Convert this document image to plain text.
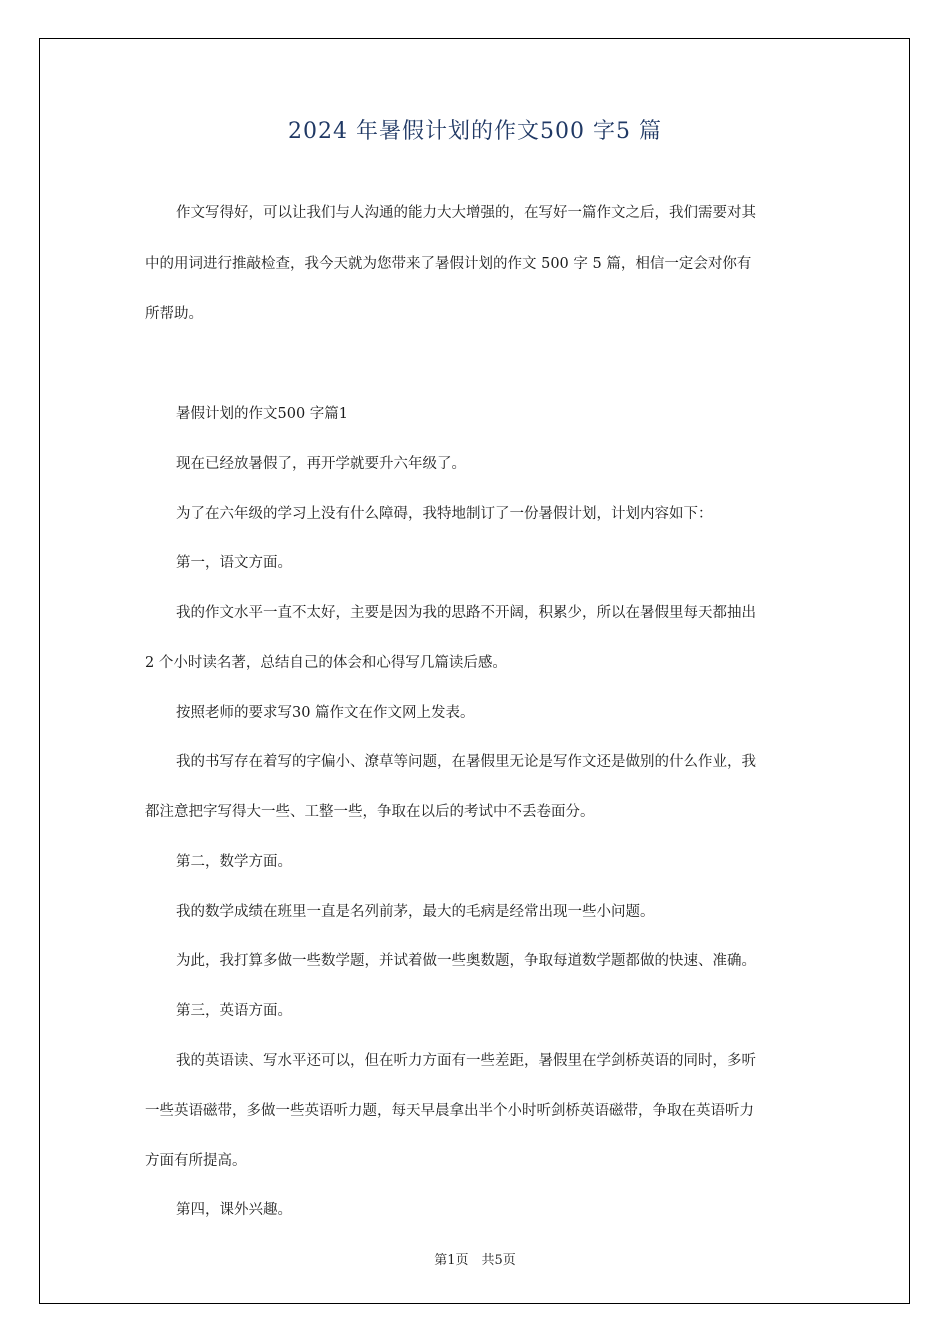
2024 年暑假计划的作文500 字5 篇
作文写得好，可以让我们与人沟通的能力大大增强的，在写好一篇作文之后，我们需要对其
中的用词进行推敲检查，我今天就为您带来了暑假计划的作文 500 字 5 篇，相信一定会对你有
所帮助。
暑假计划的作文500 字篇1
现在已经放暑假了，再开学就要升六年级了。
为了在六年级的学习上没有什么障碍，我特地制订了一份暑假计划，计划内容如下：
第一，语文方面。
我的作文水平一直不太好，主要是因为我的思路不开阔，积累少，所以在暑假里每天都抽出
2 个小时读名著，总结自己的体会和心得写几篇读后感。
按照老师的要求写30 篇作文在作文网上发表。
我的书写存在着写的字偏小、潦草等问题，在暑假里无论是写作文还是做别的什么作业，我
都注意把字写得大一些、工整一些，争取在以后的考试中不丢卷面分。
第二，数学方面。
我的数学成绩在班里一直是名列前茅，最大的毛病是经常出现一些小问题。
为此，我打算多做一些数学题，并试着做一些奥数题，争取每道数学题都做的快速、准确。
第三，英语方面。
我的英语读、写水平还可以，但在听力方面有一些差距，暑假里在学剑桥英语的同时，多听
一些英语磁带，多做一些英语听力题，每天早晨拿出半个小时听剑桥英语磁带，争取在英语听力
方面有所提高。
第四，课外兴趣。
第1页　共5页
